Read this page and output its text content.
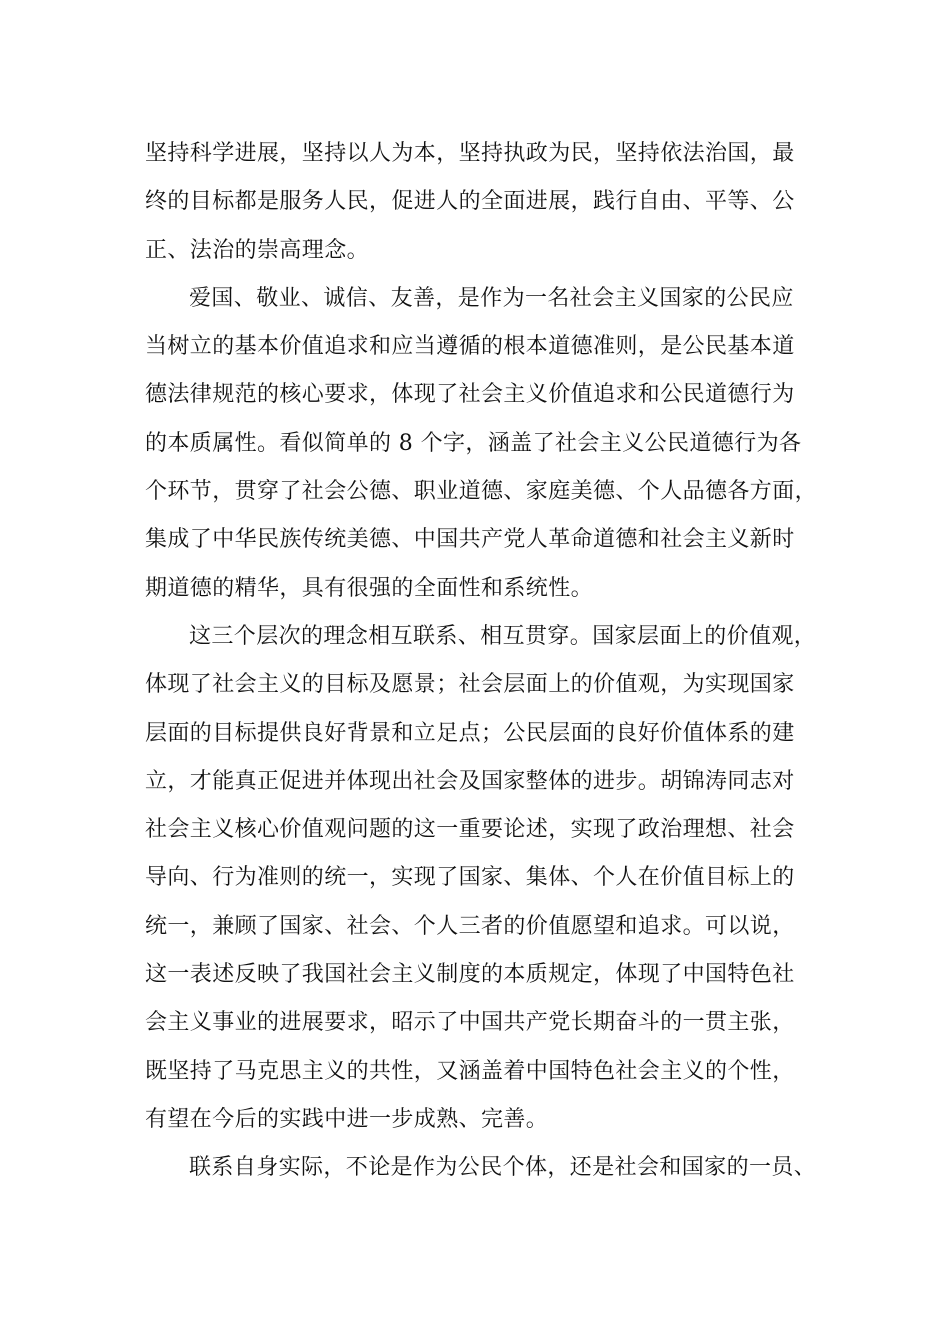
坚持科学进展，坚持以人为本，坚持执政为民，坚持依法治国，最
终的目标都是服务人民，促进人的全面进展，践行自由、平等、公
正、法治的崇高理念。
爱国、敬业、诚信、友善，是作为一名社会主义国家的公民应
当树立的基本价值追求和应当遵循的根本道德准则，是公民基本道
德法律规范的核心要求，体现了社会主义价值追求和公民道德行为
的本质属性。看似简单的 8 个字，涵盖了社会主义公民道德行为各
个环节，贯穿了社会公德、职业道德、家庭美德、个人品德各方面，
集成了中华民族传统美德、中国共产党人革命道德和社会主义新时
期道德的精华，具有很强的全面性和系统性。
这三个层次的理念相互联系、相互贯穿。国家层面上的价值观，
体现了社会主义的目标及愿景；社会层面上的价值观，为实现国家
层面的目标提供良好背景和立足点；公民层面的良好价值体系的建
立，才能真正促进并体现出社会及国家整体的进步。胡锦涛同志对
社会主义核心价值观问题的这一重要论述，实现了政治理想、社会
导向、行为准则的统一，实现了国家、集体、个人在价值目标上的
统一，兼顾了国家、社会、个人三者的价值愿望和追求。可以说，
这一表述反映了我国社会主义制度的本质规定，体现了中国特色社
会主义事业的进展要求，昭示了中国共产党长期奋斗的一贯主张，
既坚持了马克思主义的共性，又涵盖着中国特色社会主义的个性，
有望在今后的实践中进一步成熟、完善。
联系自身实际，不论是作为公民个体，还是社会和国家的一员、
